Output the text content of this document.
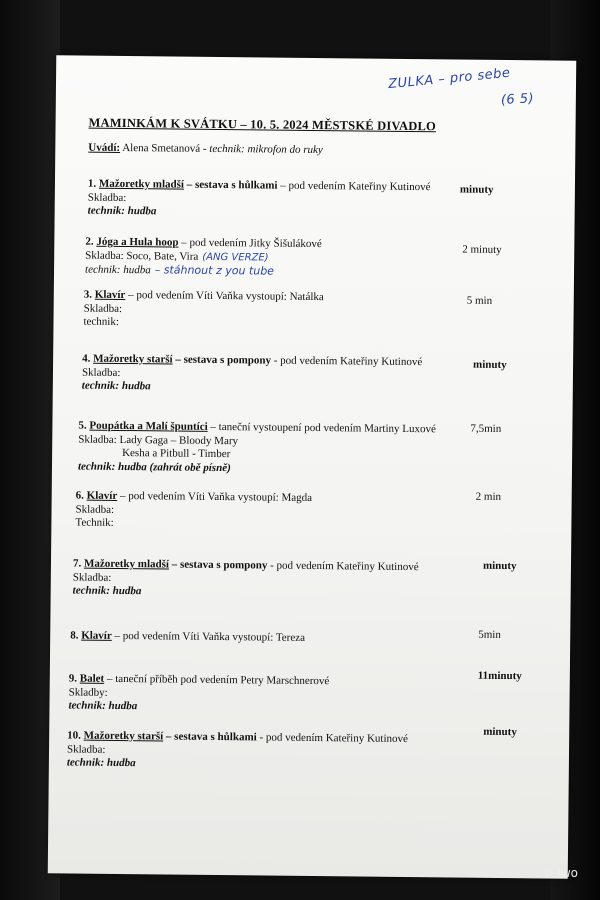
ZULKA – pro sebe
(6 5)
MAMINKÁM K SVÁTKU – 10. 5. 2024 MĚSTSKÉ DIVADLO
Uvádí: Alena Smetanová - technik: mikrofon do ruky
1. Mažoretky mladší – sestava s hůlkami – pod vedením Kateřiny Kutinové
Skladba:
technik: hudba
minuty
2. Jóga a Hula hoop – pod vedením Jitky Šišulákové
Skladba: Soco, Bate, Vira (ANG VERZE)
technik: hudba – stáhnout z you tube
2 minuty
3. Klavír – pod vedením Víti Vaňka vystoupí: Natálka
Skladba:
technik:
5 min
4. Mažoretky starší – sestava s pompony - pod vedením Kateřiny Kutinové
Skladba:
technik: hudba
minuty
5. Poupátka a Malí špuntíci – taneční vystoupení pod vedením Martiny Luxové
Skladba: Lady Gaga – Bloody Mary
Kesha a Pitbull - Timber
technik: hudba (zahrát obě písně)
7,5min
6. Klavír – pod vedením Víti Vaňka vystoupí: Magda
Skladba:
Technik:
2 min
7. Mažoretky mladší – sestava s pompony - pod vedením Kateřiny Kutinové
Skladba:
technik: hudba
minuty
8. Klavír – pod vedením Víti Vaňka vystoupí: Tereza	5min
9. Balet – taneční příběh pod vedením Petry Marschnerové
Skladby:
technik: hudba
11minuty
10. Mažoretky starší – sestava s hůlkami - pod vedením Kateřiny Kutinové
Skladba:
technik: hudba
minuty
© Iwo
